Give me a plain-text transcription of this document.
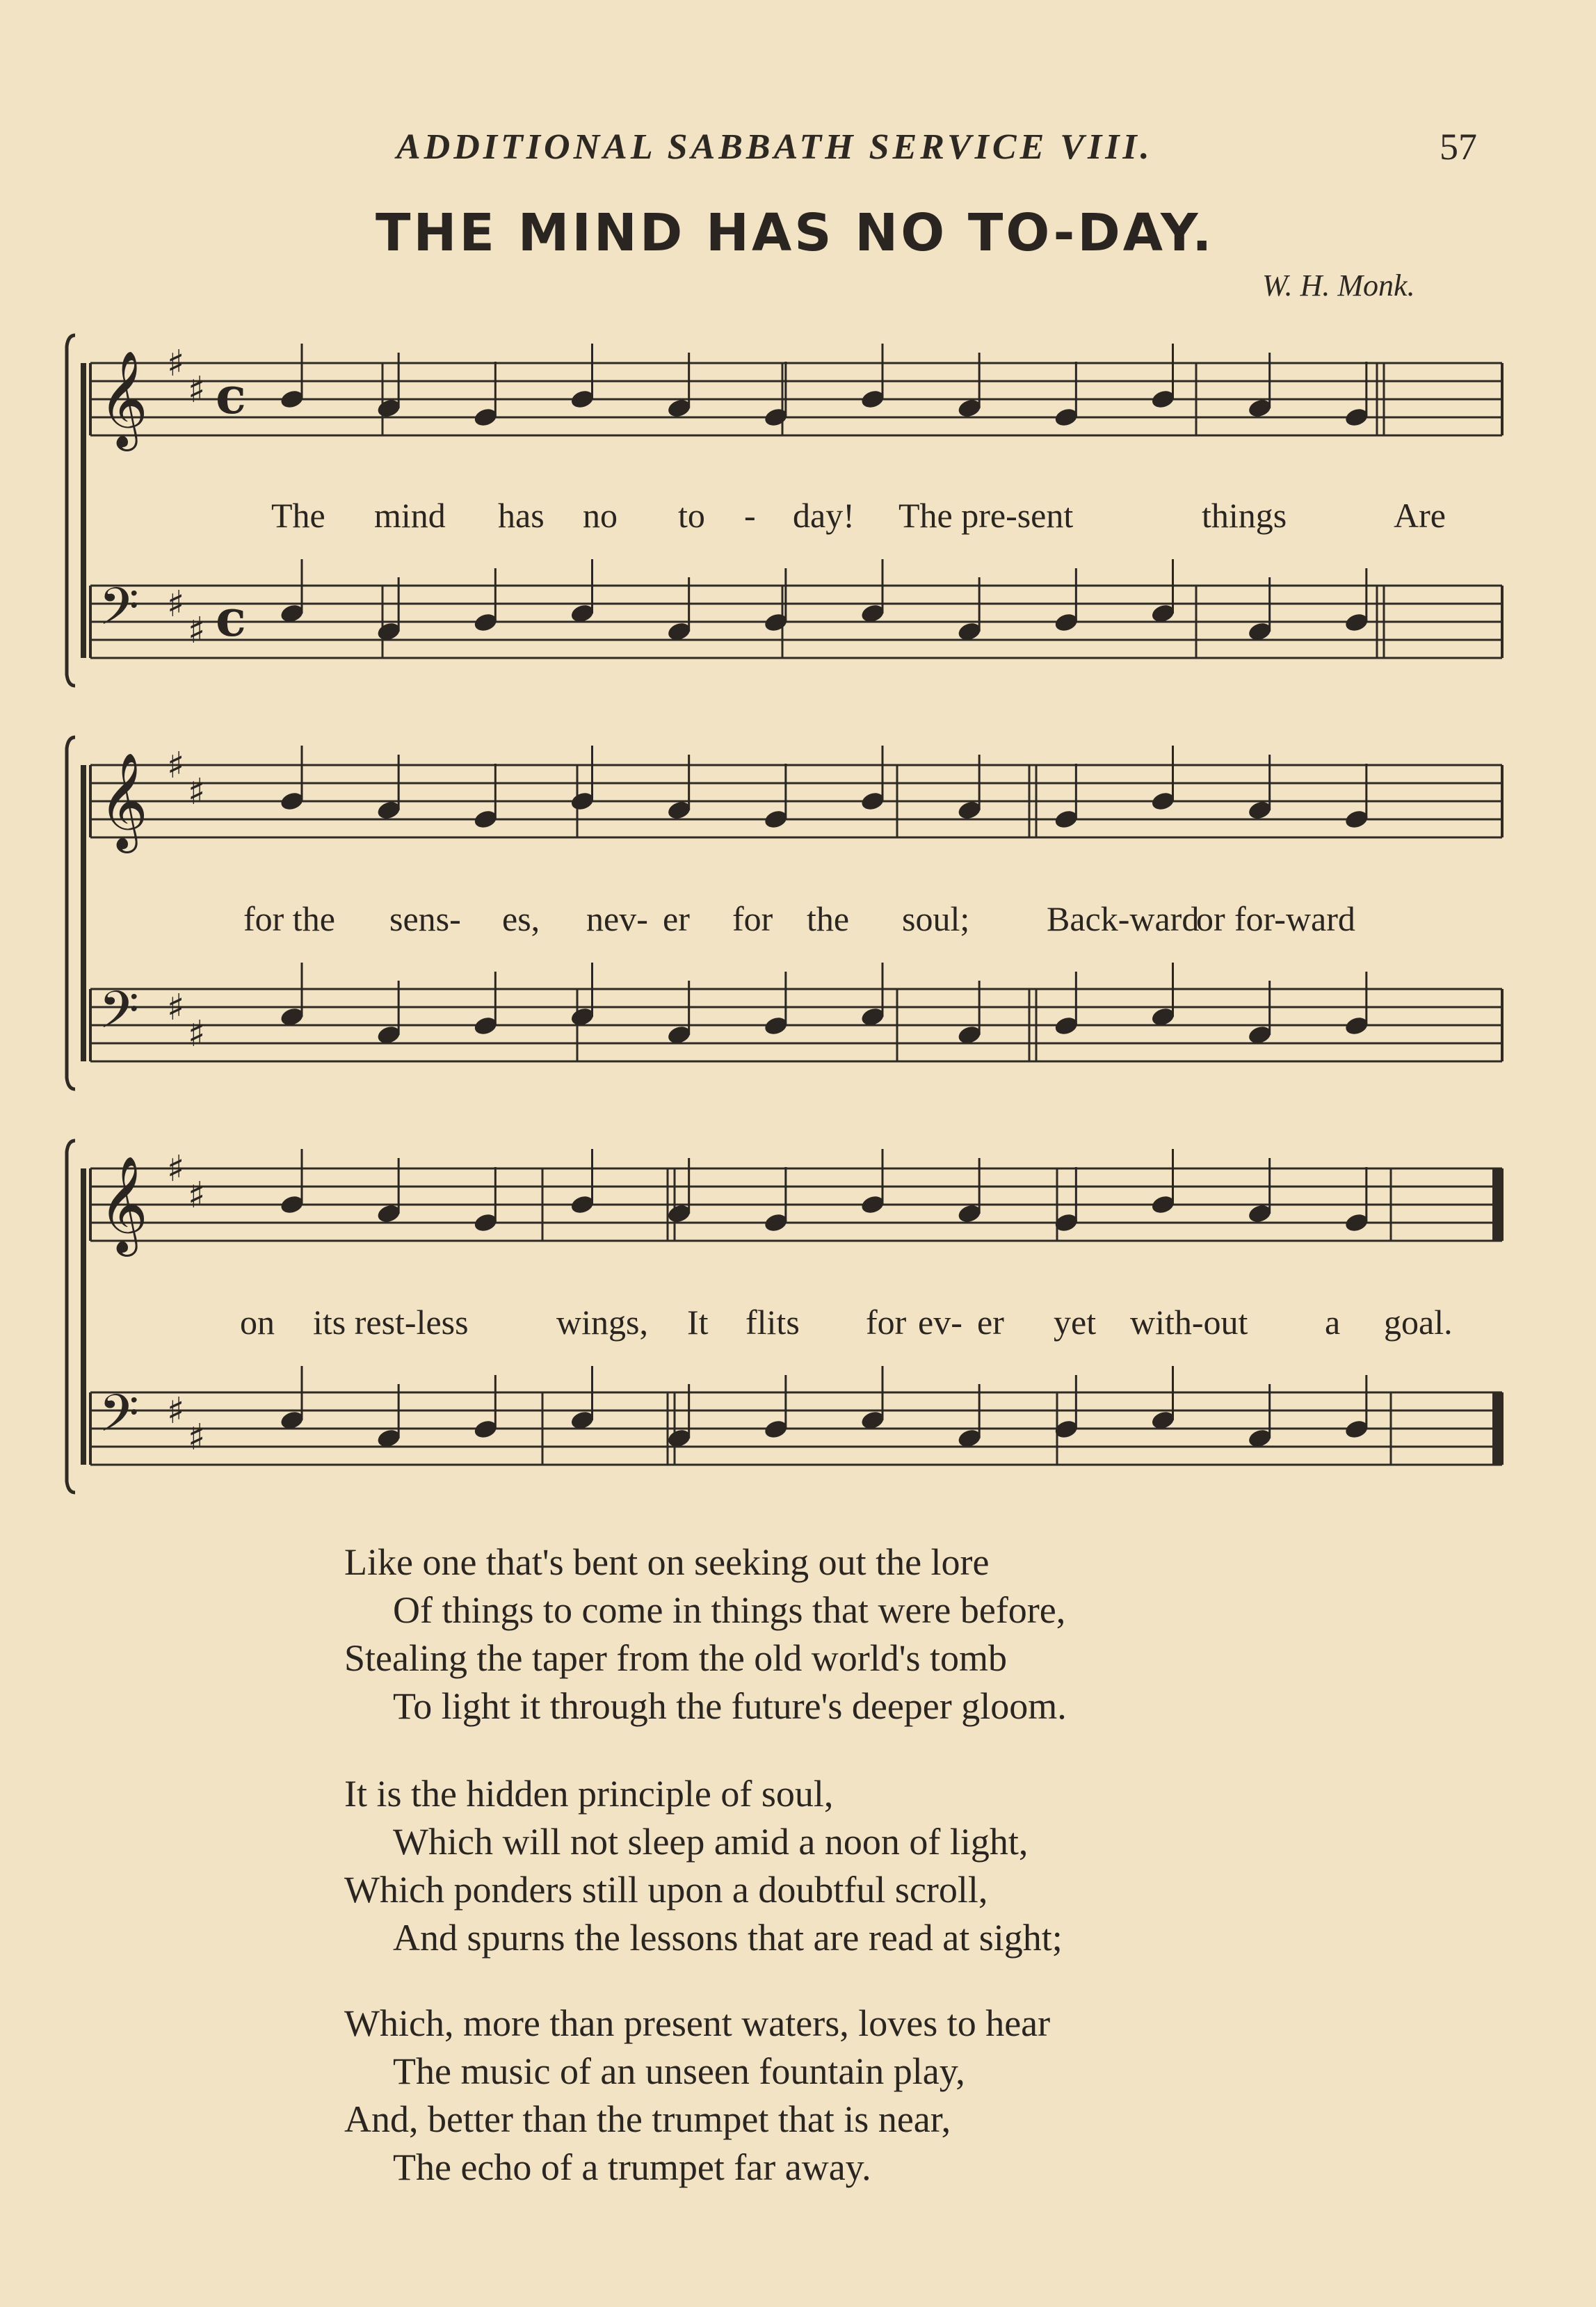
ADDITIONAL SABBATH SERVICE VIII.	57
THE MIND HAS NO TO-DAY.
W. H. Monk.
𝄞 ♯
♯ c
𝄢 ♯
♯ c
𝄞 ♯
♯
𝄢 ♯
♯
𝄞 ♯
♯
𝄢 ♯
♯
The mind has no to - day! The pre-sent	things	Are
for the sens- es, nev- er for the soul; Back-ward
or for-ward
on its rest-less	wings, It flits for ev- er yet with-out a goal.
Like one that's bent on seeking out the lore
Of things to come in things that were before,
Stealing the taper from the old world's tomb
To light it through the future's deeper gloom.
It is the hidden principle of soul,
Which will not sleep amid a noon of light,
Which ponders still upon a doubtful scroll,
And spurns the lessons that are read at sight;
Which, more than present waters, loves to hear
The music of an unseen fountain play,
And, better than the trumpet that is near,
The echo of a trumpet far away.
